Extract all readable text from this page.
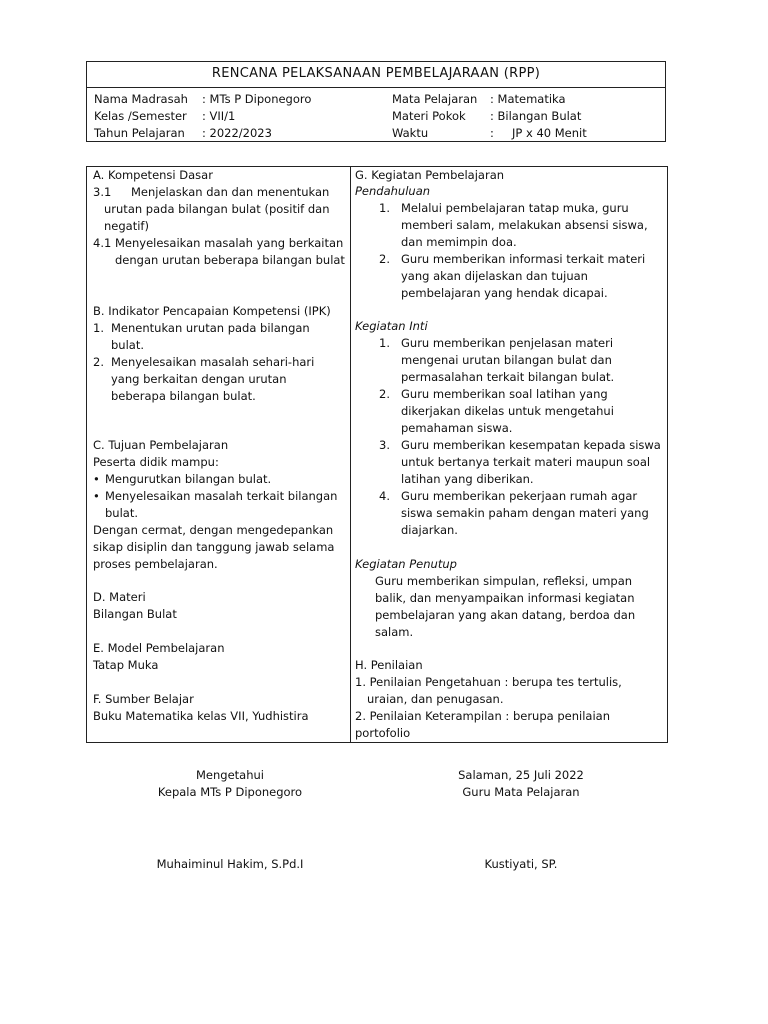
RENCANA PELAKSANAAN PEMBELAJARAAN (RPP)
Nama Madrasah : MTs P Diponegoro
Kelas /Semester : VII/1
Tahun Pelajaran : 2022/2023
Mata Pelajaran : Matematika
Materi Pokok : Bilangan Bulat
Waktu	: JP x 40 Menit
A. Kompetensi Dasar
3.1 Menjelaskan dan dan menentukan
urutan pada bilangan bulat (positif dan
negatif)
4.1 Menyelesaikan masalah yang berkaitan
dengan urutan beberapa bilangan bulat
B. Indikator Pencapaian Kompetensi (IPK)
1. Menentukan urutan pada bilangan
bulat.
2. Menyelesaikan masalah sehari-hari
yang berkaitan dengan urutan
beberapa bilangan bulat.
C. Tujuan Pembelajaran
Peserta didik mampu:
• Mengurutkan bilangan bulat.
• Menyelesaikan masalah terkait bilangan
bulat.
Dengan cermat, dengan mengedepankan
sikap disiplin dan tanggung jawab selama
proses pembelajaran.
D. Materi
Bilangan Bulat
E. Model Pembelajaran
Tatap Muka
F. Sumber Belajar
Buku Matematika kelas VII, Yudhistira
G. Kegiatan Pembelajaran
Pendahuluan
1. Melalui pembelajaran tatap muka, guru
memberi salam, melakukan absensi siswa,
dan memimpin doa.
2. Guru memberikan informasi terkait materi
yang akan dijelaskan dan tujuan
pembelajaran yang hendak dicapai.
Kegiatan Inti
1. Guru memberikan penjelasan materi
mengenai urutan bilangan bulat dan
permasalahan terkait bilangan bulat.
2. Guru memberikan soal latihan yang
dikerjakan dikelas untuk mengetahui
pemahaman siswa.
3. Guru memberikan kesempatan kepada siswa
untuk bertanya terkait materi maupun soal
latihan yang diberikan.
4. Guru memberikan pekerjaan rumah agar
siswa semakin paham dengan materi yang
diajarkan.
Kegiatan Penutup
Guru memberikan simpulan, refleksi, umpan
balik, dan menyampaikan informasi kegiatan
pembelajaran yang akan datang, berdoa dan
salam.
H. Penilaian
1. Penilaian Pengetahuan : berupa tes tertulis,
uraian, dan penugasan.
2. Penilaian Keterampilan : berupa penilaian
portofolio
Mengetahui
Kepala MTs P Diponegoro
Salaman, 25 Juli 2022
Guru Mata Pelajaran
Muhaiminul Hakim, S.Pd.I	Kustiyati, SP.
